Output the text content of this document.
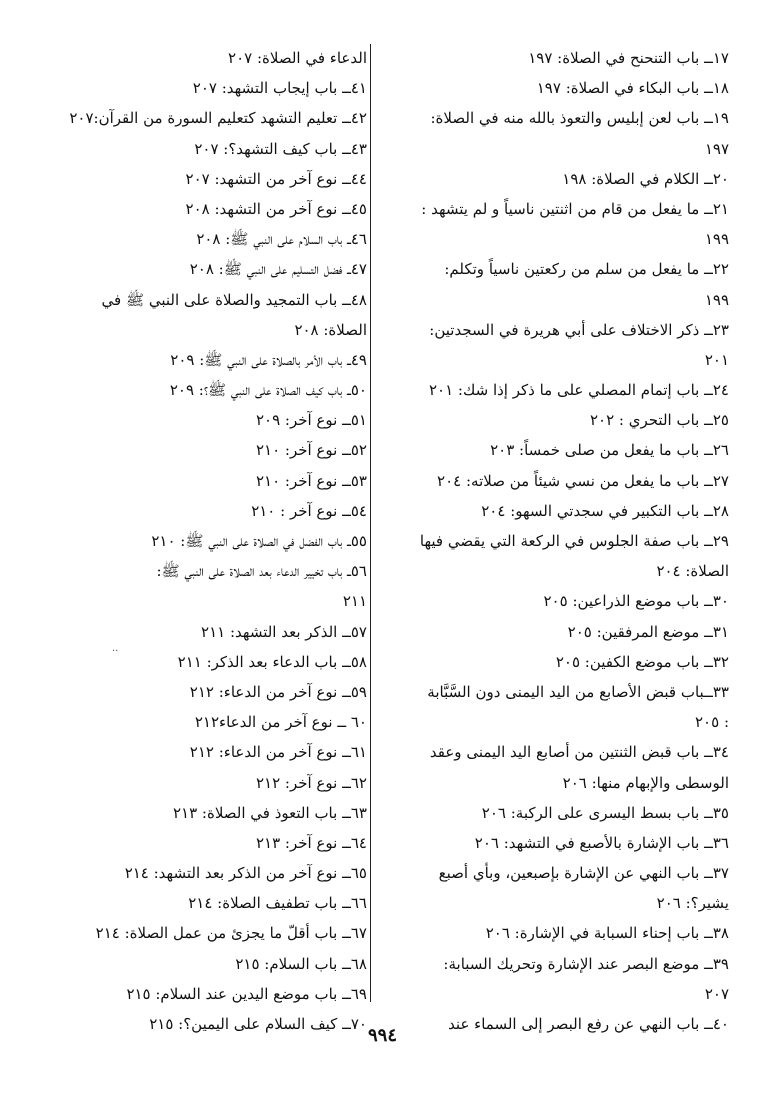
١٧ــ باب التنحنح في الصلاة: ١٩٧
١٨ــ باب البكاء في الصلاة: ١٩٧
١٩ــ باب لعن إبليس والتعوذ بالله منه في الصلاة:
١٩٧
٢٠ــ الكلام في الصلاة: ١٩٨
٢١ــ ما يفعل من قام من اثنتين ناسياً و لم يتشهد :
١٩٩
٢٢ــ ما يفعل من سلم من ركعتين ناسياً وتكلم:
١٩٩
٢٣ــ ذكر الاختلاف على أبي هريرة في السجدتين:
٢٠١
٢٤ــ باب إتمام المصلي على ما ذكر إذا شك: ٢٠١
٢٥ــ باب التحري : ٢٠٢
٢٦ــ باب ما يفعل من صلى خمساً: ٢٠٣
٢٧ــ باب ما يفعل من نسي شيئاً من صلاته: ٢٠٤
٢٨ــ باب التكبير في سجدتي السهو: ٢٠٤
٢٩ــ باب صفة الجلوس في الركعة التي يقضي فيها
الصلاة: ٢٠٤
٣٠ــ باب موضع الذراعين: ٢٠٥
٣١ــ موضع المرفقين: ٢٠٥
٣٢ــ باب موضع الكفين: ٢٠٥
٣٣ــباب قبض الأصابع من اليد اليمنى دون السَّبَّابة
: ٢٠٥
٣٤ــ باب قبض الثنتين من أصابع اليد اليمنى وعقد
الوسطى والإبهام منها: ٢٠٦
٣٥ــ باب بسط اليسرى على الركبة: ٢٠٦
٣٦ــ باب الإشارة بالأصبع في التشهد: ٢٠٦
٣٧ــ باب النهي عن الإشارة بإصبعين، وبأي أصبع
يشير؟: ٢٠٦
٣٨ــ باب إحناء السبابة في الإشارة: ٢٠٦
٣٩ــ موضع البصر عند الإشارة وتحريك السبابة:
٢٠٧
٤٠ــ باب النهي عن رفع البصر إلى السماء عند
الدعاء في الصلاة: ٢٠٧
٤١ــ باب إيجاب التشهد: ٢٠٧
٤٢ــ تعليم التشهد كتعليم السورة من القرآن:٢٠٧
٤٣ــ باب كيف التشهد؟: ٢٠٧
٤٤ــ نوع آخر من التشهد: ٢٠٧
٤٥ــ نوع آخر من التشهد: ٢٠٨
٤٦ــ باب السلام على النبي ﷺ: ٢٠٨
٤٧ــ فضل التسليم على النبي ﷺ: ٢٠٨
٤٨ــ باب التمجيد والصلاة على النبي ﷺ في
الصلاة: ٢٠٨
٤٩ــ باب الأمر بالصلاة على النبي ﷺ: ٢٠٩
٥٠ــ باب كيف الصلاة على النبي ﷺ؟: ٢٠٩
٥١ــ نوع آخر: ٢٠٩
٥٢ــ نوع آخر: ٢١٠
٥٣ــ نوع آخر: ٢١٠
٥٤ــ نوع آخر : ٢١٠
٥٥ــ باب الفضل في الصلاة على النبي ﷺ: ٢١٠
٥٦ــ باب تخيير الدعاء بعد الصلاة على النبي ﷺ:
٢١١
٥٧ــ الذكر بعد التشهد: ٢١١
٥٨ــ باب الدعاء بعد الذكر: ٢١١
٥٩ــ نوع آخر من الدعاء: ٢١٢
٦٠ ــ نوع آخر من الدعاء٢١٢
٦١ــ نوع آخر من الدعاء: ٢١٢
٦٢ــ نوع آخر: ٢١٢
٦٣ــ باب التعوذ في الصلاة: ٢١٣
٦٤ــ نوع آخر: ٢١٣
٦٥ــ نوع آخر من الذكر بعد التشهد: ٢١٤
٦٦ــ باب تطفيف الصلاة: ٢١٤
٦٧ــ باب أقلّ ما يجزئ من عمل الصلاة: ٢١٤
٦٨ــ باب السلام: ٢١٥
٦٩ــ باب موضع اليدين عند السلام: ٢١٥
٧٠ــ كيف السلام على اليمين؟: ٢١٥
··
٩٩٤
